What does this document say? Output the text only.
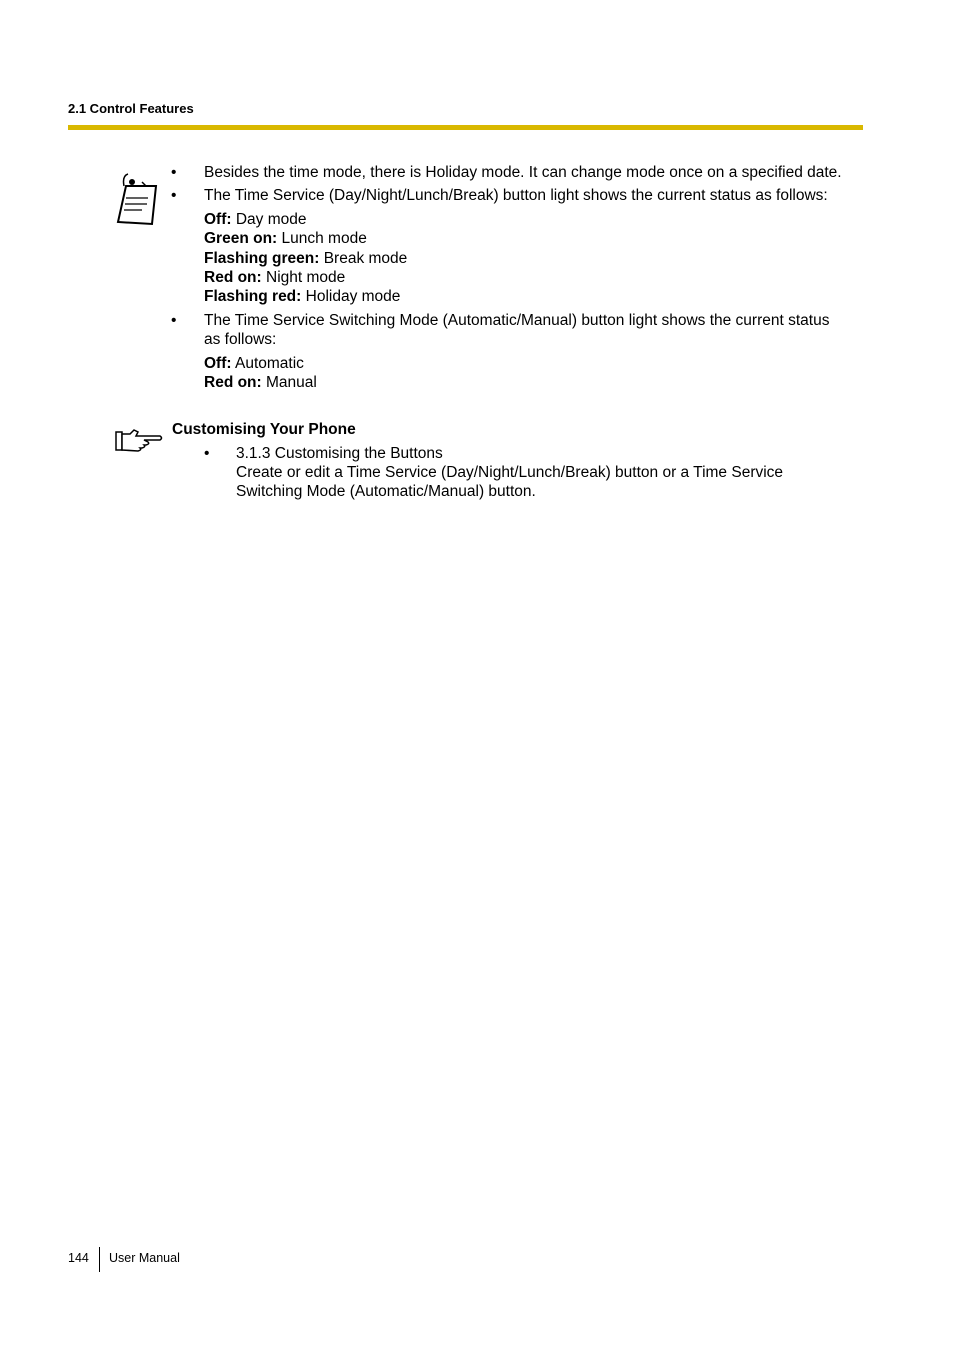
2.1 Control Features
• Besides the time mode, there is Holiday mode. It can change mode once on a specified date.
• The Time Service (Day/Night/Lunch/Break) button light shows the current status as follows:
Off: Day mode
Green on: Lunch mode
Flashing green: Break mode
Red on: Night mode
Flashing red: Holiday mode
• The Time Service Switching Mode (Automatic/Manual) button light shows the current status
as follows:
Off: Automatic
Red on: Manual
Customising Your Phone
• 3.1.3 Customising the Buttons
Create or edit a Time Service (Day/Night/Lunch/Break) button or a Time Service
Switching Mode (Automatic/Manual) button.
144 User Manual
